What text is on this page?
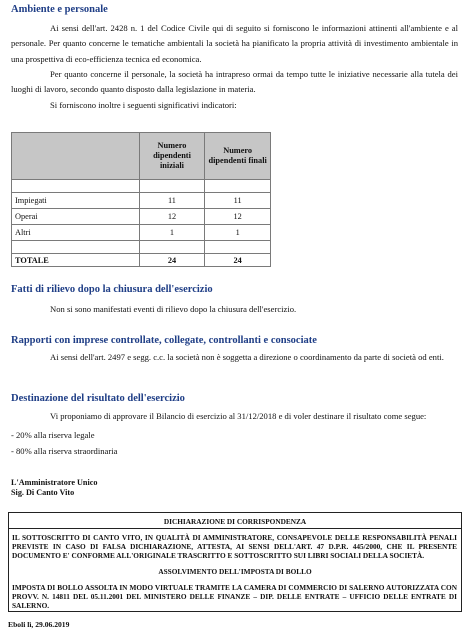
Ambiente e personale
Ai sensi dell'art. 2428 n. 1 del Codice Civile qui di seguito si forniscono le informazioni attinenti all'ambiente e al personale. Per quanto concerne le tematiche ambientali la società ha pianificato la propria attività di investimento ambientale in una prospettiva di eco-efficienza tecnica ed economica.
Per quanto concerne il personale, la società ha intrapreso ormai da tempo tutte le iniziative necessarie alla tutela dei luoghi di lavoro, secondo quanto disposto dalla legislazione in materia.
Si forniscono inoltre i seguenti significativi indicatori:
	Numero dipendenti iniziali	Numero dipendenti finali

Impiegati	11	11
Operai	12	12
Altri	1	1

TOTALE	24	24
Fatti di rilievo dopo la chiusura dell'esercizio
Non si sono manifestati eventi di rilievo dopo la chiusura dell'esercizio.
Rapporti con imprese controllate, collegate, controllanti e consociate
Ai sensi dell'art. 2497 e segg. c.c. la società non è soggetta a direzione o coordinamento da parte di società od enti.
Destinazione del risultato dell'esercizio
Vi proponiamo di approvare il Bilancio di esercizio al 31/12/2018 e di voler destinare il risultato come segue:
- 20% alla riserva legale
- 80% alla riserva straordinaria
L'Amministratore Unico
Sig. Di Canto Vito
DICHIARAZIONE DI CORRISPONDENZA
IL SOTTOSCRITTO DI CANTO VITO, IN QUALITÀ DI AMMINISTRATORE, CONSAPEVOLE DELLE RESPONSABILITÀ PENALI PREVISTE IN CASO DI FALSA DICHIARAZIONE, ATTESTA, AI SENSI DELL'ART. 47 D.P.R. 445/2000, CHE IL PRESENTE DOCUMENTO E' CONFORME ALL'ORIGINALE TRASCRITTO E SOTTOSCRITTO SUI LIBRI SOCIALI DELLA SOCIETÀ.
ASSOLVIMENTO DELL'IMPOSTA DI BOLLO
IMPOSTA DI BOLLO ASSOLTA IN MODO VIRTUALE TRAMITE LA CAMERA DI COMMERCIO DI SALERNO AUTORIZZATA CON PROVV. N. 14811 DEL 05.11.2001 DEL MINISTERO DELLE FINANZE – DIP. DELLE ENTRATE – UFFICIO DELLE ENTRATE DI SALERNO.
Eboli lì, 29.06.2019
